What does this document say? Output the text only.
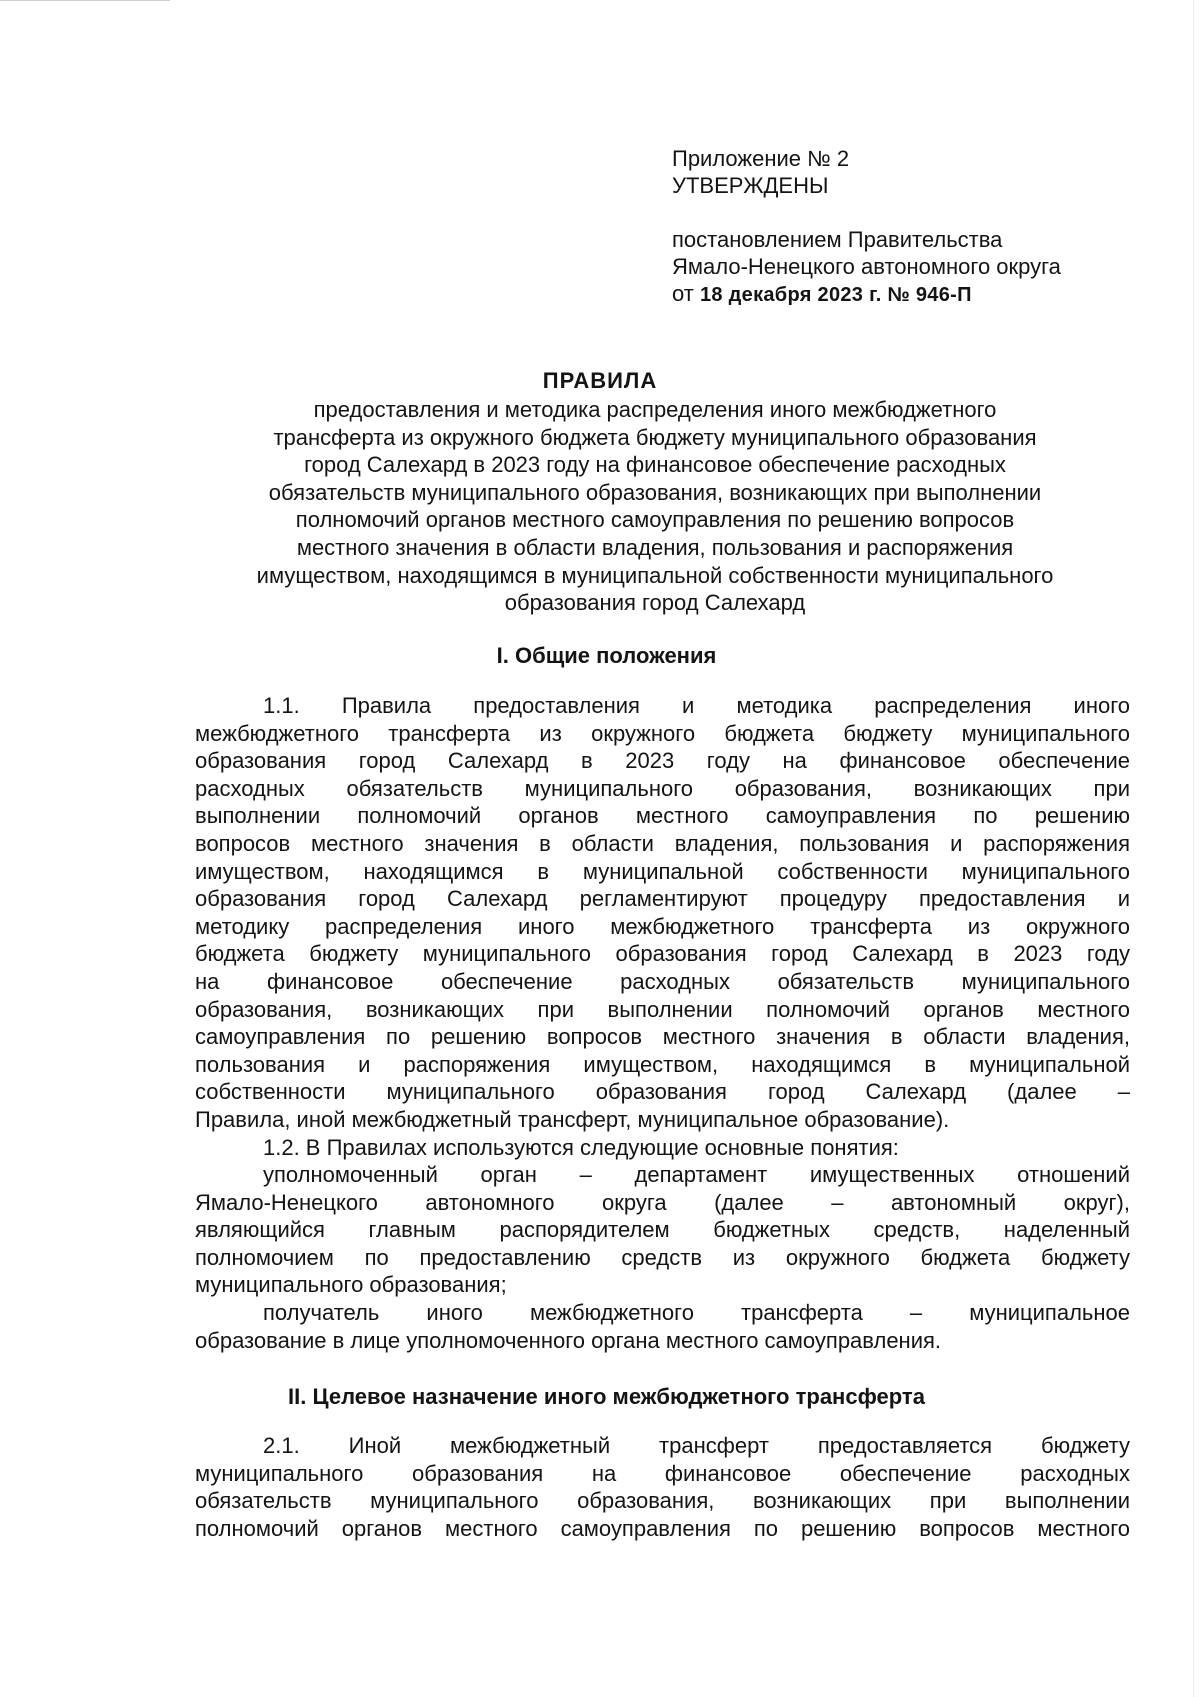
Приложение № 2
УТВЕРЖДЕНЫ
постановлением Правительства
Ямало-Ненецкого автономного округа
от 18 декабря 2023 г. № 946-П
ПРАВИЛА
предоставления и методика распределения иного межбюджетного
трансферта из окружного бюджета бюджету муниципального образования
город Салехард в 2023 году на финансовое обеспечение расходных
обязательств муниципального образования, возникающих при выполнении
полномочий органов местного самоуправления по решению вопросов
местного значения в области владения, пользования и распоряжения
имуществом, находящимся в муниципальной собственности муниципального
образования город Салехард
I. Общие положения
1.1. Правила предоставления и методика распределения иного
межбюджетного трансферта из окружного бюджета бюджету муниципального
образования город Салехард в 2023 году на финансовое обеспечение
расходных обязательств муниципального образования, возникающих при
выполнении полномочий органов местного самоуправления по решению
вопросов местного значения в области владения, пользования и распоряжения
имуществом, находящимся в муниципальной собственности муниципального
образования город Салехард регламентируют процедуру предоставления и
методику распределения иного межбюджетного трансферта из окружного
бюджета бюджету муниципального образования город Салехард в 2023 году
на финансовое обеспечение расходных обязательств муниципального
образования, возникающих при выполнении полномочий органов местного
самоуправления по решению вопросов местного значения в области владения,
пользования и распоряжения имуществом, находящимся в муниципальной
собственности муниципального образования город Салехард (далее –
Правила, иной межбюджетный трансферт, муниципальное образование).
1.2. В Правилах используются следующие основные понятия:
уполномоченный орган – департамент имущественных отношений
Ямало-Ненецкого автономного округа (далее – автономный округ),
являющийся главным распорядителем бюджетных средств, наделенный
полномочием по предоставлению средств из окружного бюджета бюджету
муниципального образования;
получатель иного межбюджетного трансферта – муниципальное
образование в лице уполномоченного органа местного самоуправления.
II. Целевое назначение иного межбюджетного трансферта
2.1. Иной межбюджетный трансферт предоставляется бюджету
муниципального образования на финансовое обеспечение расходных
обязательств муниципального образования, возникающих при выполнении
полномочий органов местного самоуправления по решению вопросов местного
